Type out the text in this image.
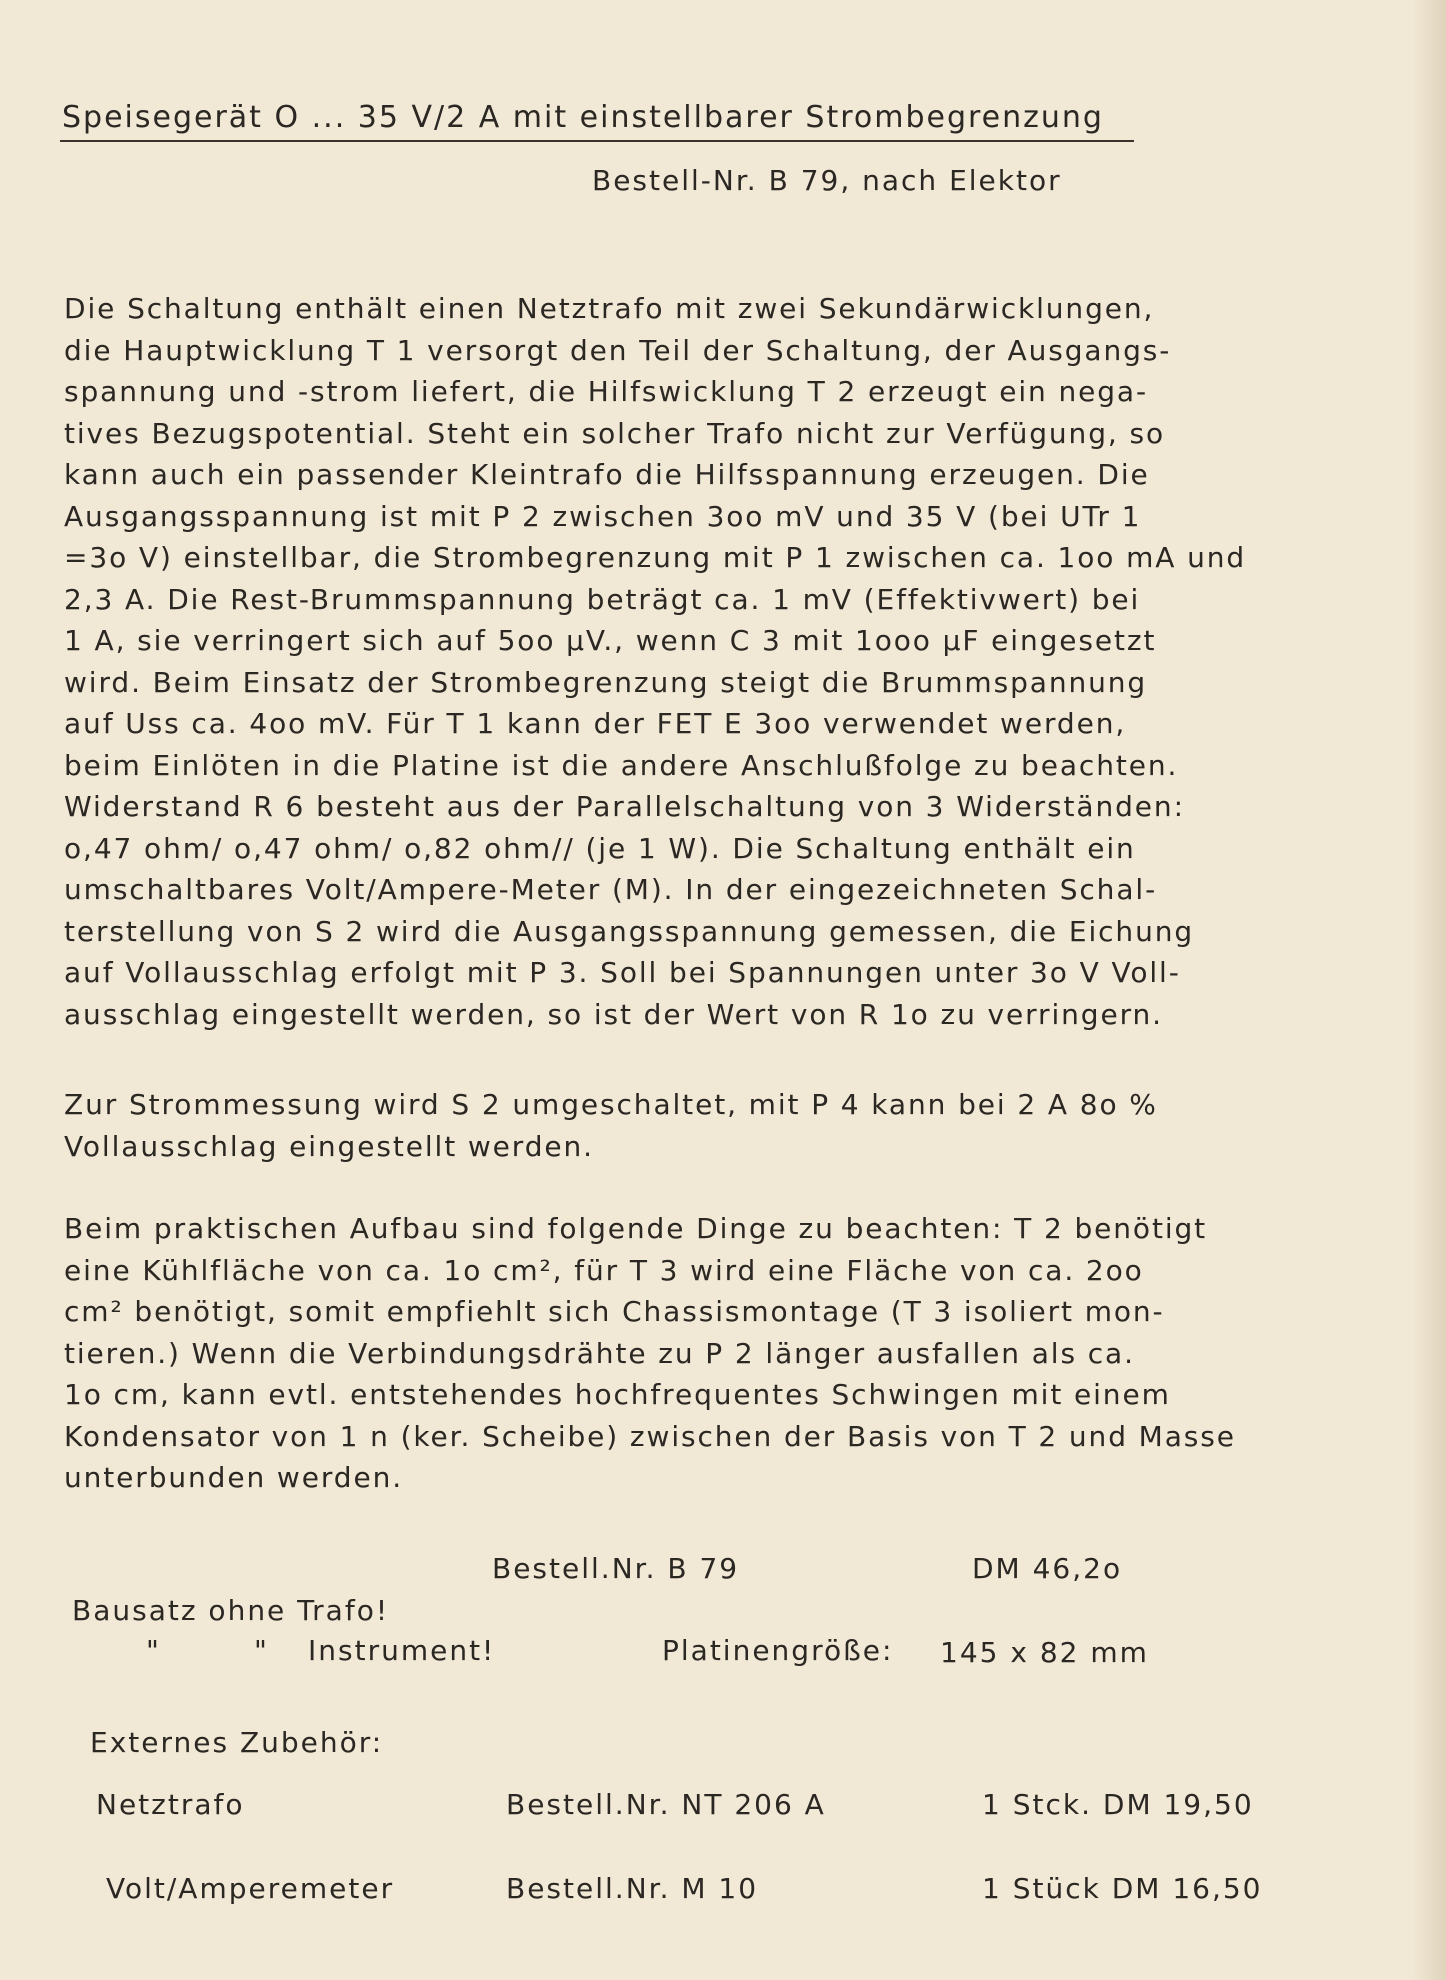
Speisegerät O ... 35 V/2 A mit einstellbarer Strombegrenzung
Bestell-Nr. B 79, nach Elektor
Die Schaltung enthält einen Netztrafo mit zwei Sekundärwicklungen,
die Hauptwicklung T 1 versorgt den Teil der Schaltung, der Ausgangs-
spannung und -strom liefert, die Hilfswicklung T 2 erzeugt ein nega-
tives Bezugspotential. Steht ein solcher Trafo nicht zur Verfügung, so
kann auch ein passender Kleintrafo die Hilfsspannung erzeugen. Die
Ausgangsspannung ist mit P 2 zwischen 3oo mV und 35 V (bei UTr 1
=3o V) einstellbar, die Strombegrenzung mit P 1 zwischen ca. 1oo mA und
2,3 A. Die Rest-Brummspannung beträgt ca. 1 mV (Effektivwert) bei
1 A, sie verringert sich auf 5oo µV., wenn C 3 mit 1ooo µF eingesetzt
wird. Beim Einsatz der Strombegrenzung steigt die Brummspannung
auf Uss ca. 4oo mV. Für T 1 kann der FET E 3oo verwendet werden,
beim Einlöten in die Platine ist die andere Anschlußfolge zu beachten.
Widerstand R 6 besteht aus der Parallelschaltung von 3 Widerständen:
o,47 ohm/ o,47 ohm/ o,82 ohm// (je 1 W). Die Schaltung enthält ein
umschaltbares Volt/Ampere-Meter (M). In der eingezeichneten Schal-
terstellung von S 2 wird die Ausgangsspannung gemessen, die Eichung
auf Vollausschlag erfolgt mit P 3. Soll bei Spannungen unter 3o V Voll-
ausschlag eingestellt werden, so ist der Wert von R 1o zu verringern.
Zur Strommessung wird S 2 umgeschaltet, mit P 4 kann bei 2 A 8o %
Vollausschlag eingestellt werden.
Beim praktischen Aufbau sind folgende Dinge zu beachten: T 2 benötigt
eine Kühlfläche von ca. 1o cm², für T 3 wird eine Fläche von ca. 2oo
cm² benötigt, somit empfiehlt sich Chassismontage (T 3 isoliert mon-
tieren.) Wenn die Verbindungsdrähte zu P 2 länger ausfallen als ca.
1o cm, kann evtl. entstehendes hochfrequentes Schwingen mit einem
Kondensator von 1 n (ker. Scheibe) zwischen der Basis von T 2 und Masse
unterbunden werden.
Bestell.Nr. B 79	DM 46,2o
Bausatz ohne Trafo!
"	" Instrument!	Platinengröße: 145 x 82 mm
Externes Zubehör:
Netztrafo	Bestell.Nr. NT 206 A	1 Stck. DM 19,50
Volt/Amperemeter	Bestell.Nr. M 10	1 Stück DM 16,50
